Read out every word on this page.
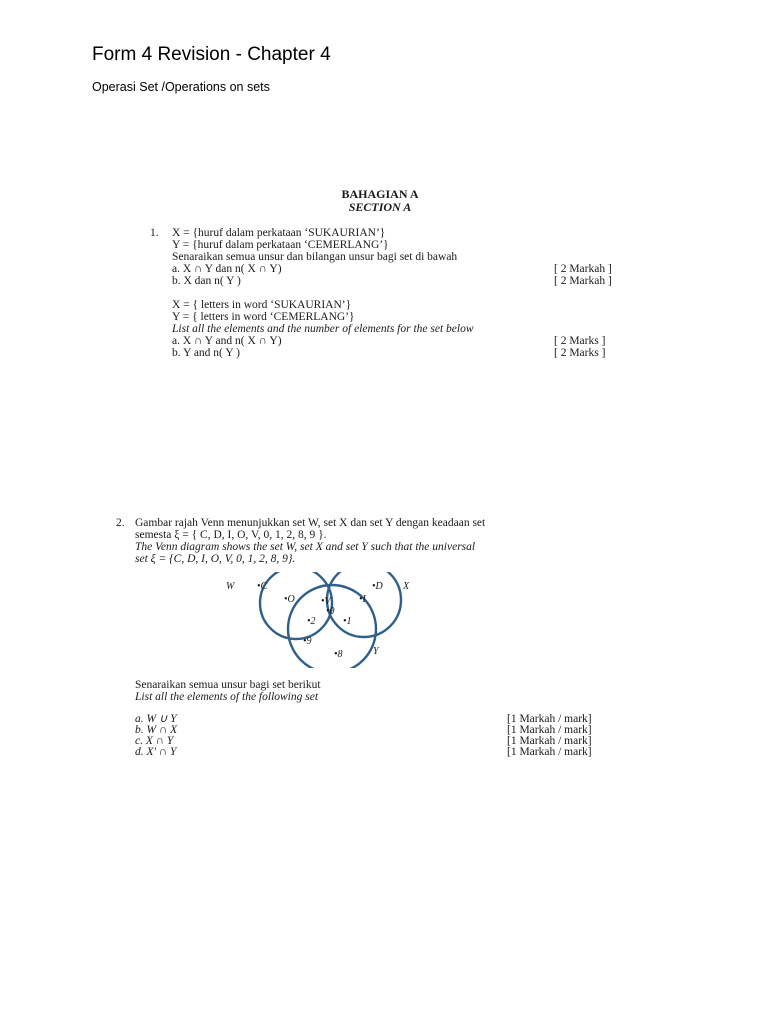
Form 4 Revision - Chapter 4
Operasi Set /Operations on sets
BAHAGIAN A
SECTION A
1. X = {huruf dalam perkataan ‘SUKAURIAN’}
Y = {huruf dalam perkataan ‘CEMERLANG’}
Senaraikan semua unsur dan bilangan unsur bagi set di bawah
a. X ∩ Y dan n( X ∩ Y)	[ 2 Markah ]
b. X dan n( Y )	[ 2 Markah ]
X = { letters in word ‘SUKAURIAN’}
Y = { letters in word ‘CEMERLANG’}
List all the elements and the number of elements for the set below
a. X ∩ Y and n( X ∩ Y)	[ 2 Marks ]
b. Y and n( Y )	[ 2 Marks ]
2. Gambar rajah Venn menunjukkan set W, set X dan set Y dengan keadaan set
semesta ξ = { C, D, I, O, V, 0, 1, 2, 8, 9 }.
The Venn diagram shows the set W, set X and set Y such that the universal
set ξ = {C, D, I, O, V, 0, 1, 2, 8, 9}.
W	X
Y
•C
•O	•V
•0
•D
•I
•2	•1
•9
•8
Senaraikan semua unsur bagi set berikut
List all the elements of the following set
a. W ∪ Y	[1 Markah / mark]
b. W ∩ X	[1 Markah / mark]
c. X ∩ Y	[1 Markah / mark]
d. X' ∩ Y	[1 Markah / mark]
